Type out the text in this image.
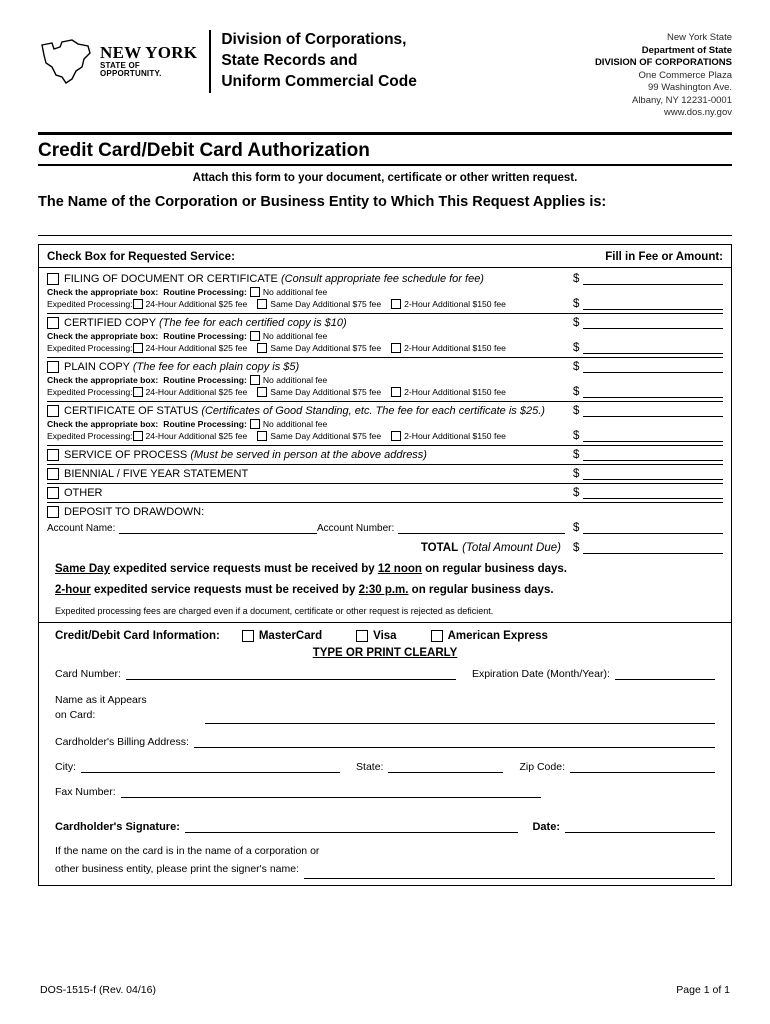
NEW YORK
STATE OF
OPPORTUNITY.
Division of Corporations,
State Records and
Uniform Commercial Code
New York State
Department of State
DIVISION OF CORPORATIONS
One Commerce Plaza
99 Washington Ave.
Albany, NY 12231-0001
www.dos.ny.gov
Credit Card/Debit Card Authorization
Attach this form to your document, certificate or other written request.
The Name of the Corporation or Business Entity to Which This Request Applies is:
Check Box for Requested Service:	Fill in Fee or Amount:
FILING OF DOCUMENT OR CERTIFICATE (Consult appropriate fee schedule for fee)	$
Check the appropriate box: Routine Processing: No additional fee
Expedited Processing: 24-Hour Additional $25 fee	Same Day Additional $75 fee	2-Hour Additional $150 fee	$
CERTIFIED COPY (The fee for each certified copy is $10)	$
Check the appropriate box: Routine Processing: No additional fee
Expedited Processing: 24-Hour Additional $25 fee	Same Day Additional $75 fee	2-Hour Additional $150 fee	$
PLAIN COPY (The fee for each plain copy is $5)	$
Check the appropriate box: Routine Processing: No additional fee
Expedited Processing: 24-Hour Additional $25 fee	Same Day Additional $75 fee	2-Hour Additional $150 fee	$
CERTIFICATE OF STATUS (Certificates of Good Standing, etc. The fee for each certificate is $25.)	$
Check the appropriate box: Routine Processing: No additional fee
Expedited Processing: 24-Hour Additional $25 fee	Same Day Additional $75 fee	2-Hour Additional $150 fee	$
SERVICE OF PROCESS (Must be served in person at the above address)	$
BIENNIAL / FIVE YEAR STATEMENT	$
OTHER	$
DEPOSIT TO DRAWDOWN:
Account Name:	Account Number:	$
TOTAL (Total Amount Due) $
Same Day expedited service requests must be received by 12 noon on regular business days.
2-hour expedited service requests must be received by 2:30 p.m. on regular business days.
Expedited processing fees are charged even if a document, certificate or other request is rejected as deficient.
Credit/Debit Card Information:	MasterCard	Visa	American Express
TYPE OR PRINT CLEARLY
Card Number:	Expiration Date (Month/Year):
Name as it Appears
on Card:
Cardholder's Billing Address:
City:	State:	Zip Code:
Fax Number:
Cardholder's Signature:	Date:
If the name on the card is in the name of a corporation or
other business entity, please print the signer's name:
DOS-1515-f (Rev. 04/16)	Page 1 of 1
